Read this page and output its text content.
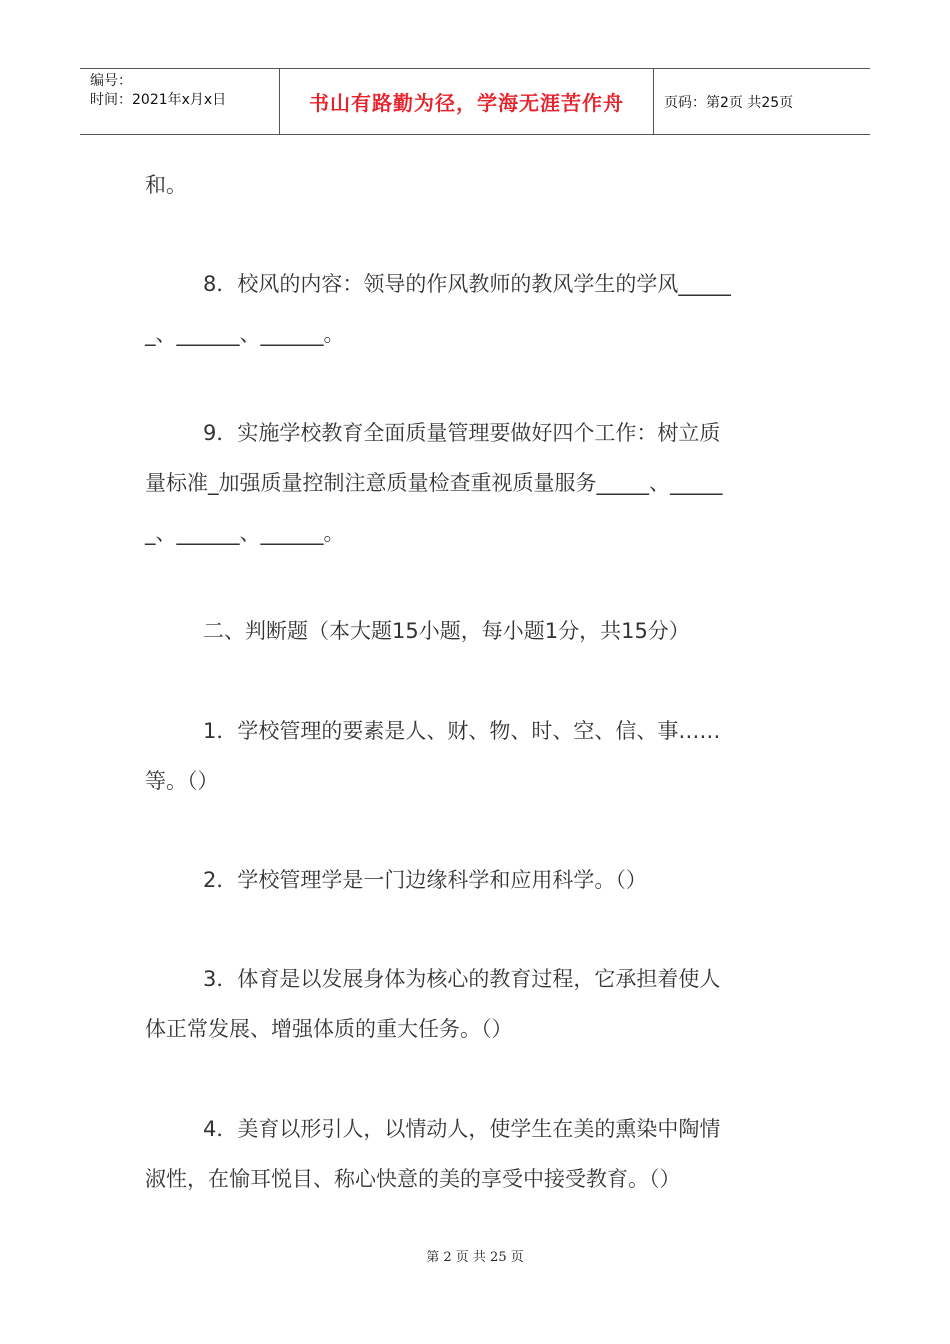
编号：
时间：2021年x月x日	书山有路勤为径，学海无涯苦作舟	页码：第2页 共25页
和。
8．校风的内容：领导的作风教师的教风学生的学风_____
_、______、______。
9．实施学校教育全面质量管理要做好四个工作：树立质
量标准_加强质量控制注意质量检查重视质量服务_____、_____
_、______、______。
二、判断题（本大题15小题，每小题1分，共15分）
1．学校管理的要素是人、财、物、时、空、信、事……
等。（）
2．学校管理学是一门边缘科学和应用科学。（）
3．体育是以发展身体为核心的教育过程，它承担着使人
体正常发展、增强体质的重大任务。（）
4．美育以形引人，以情动人，使学生在美的熏染中陶情
淑性，在愉耳悦目、称心快意的美的享受中接受教育。（）
第 2 页 共 25 页
